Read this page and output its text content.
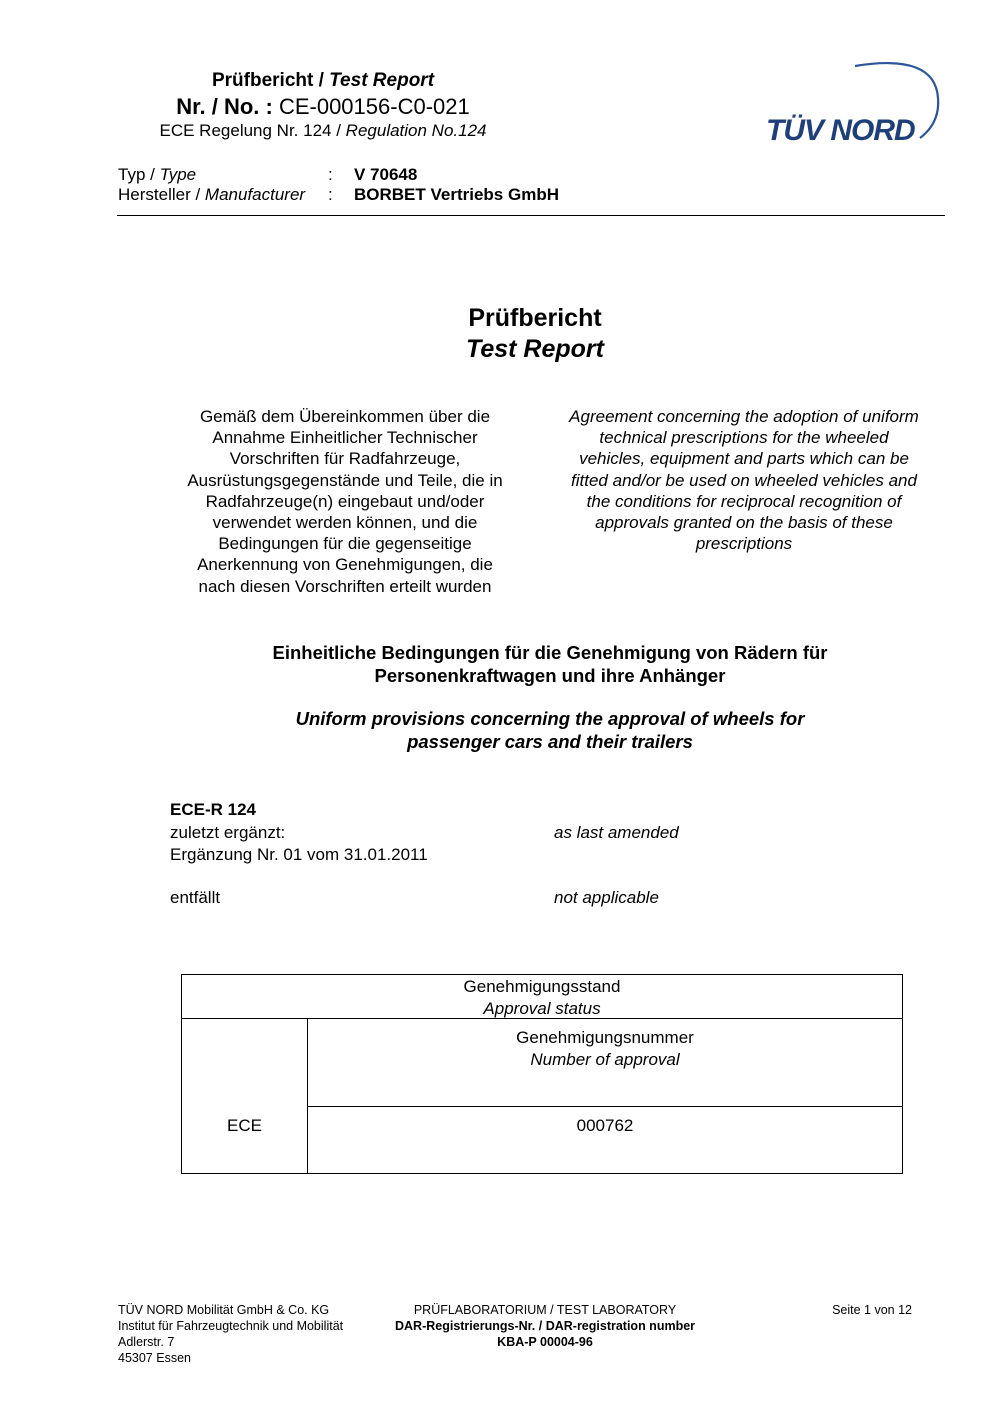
Prüfbericht / Test Report
Nr. / No. : CE-000156-C0-021
ECE Regelung Nr. 124 / Regulation No.124	TÜV NORD
Typ / Type	: V 70648
Hersteller / Manufacturer : BORBET Vertriebs GmbH
Prüfbericht
Test Report
Gemäß dem Übereinkommen über die
Annahme Einheitlicher Technischer
Vorschriften für Radfahrzeuge,
Ausrüstungsgegenstände und Teile, die in
Radfahrzeuge(n) eingebaut und/oder
verwendet werden können, und die
Bedingungen für die gegenseitige
Anerkennung von Genehmigungen, die
nach diesen Vorschriften erteilt wurden
Agreement concerning the adoption of uniform
technical prescriptions for the wheeled
vehicles, equipment and parts which can be
fitted and/or be used on wheeled vehicles and
the conditions for reciprocal recognition of
approvals granted on the basis of these
prescriptions
Einheitliche Bedingungen für die Genehmigung von Rädern für
Personenkraftwagen und ihre Anhänger
Uniform provisions concerning the approval of wheels for
passenger cars and their trailers
ECE-R 124
zuletzt ergänzt:	as last amended
Ergänzung Nr. 01 vom 31.01.2011
entfällt	not applicable
Genehmigungsstand
Approval status
Genehmigungsnummer
Number of approval
ECE	000762
TÜV NORD Mobilität GmbH & Co. KG
Institut für Fahrzeugtechnik und Mobilität
Adlerstr. 7
45307 Essen
PRÜFLABORATORIUM / TEST LABORATORY
DAR-Registrierungs-Nr. / DAR-registration number
KBA-P 00004-96
Seite 1 von 12
